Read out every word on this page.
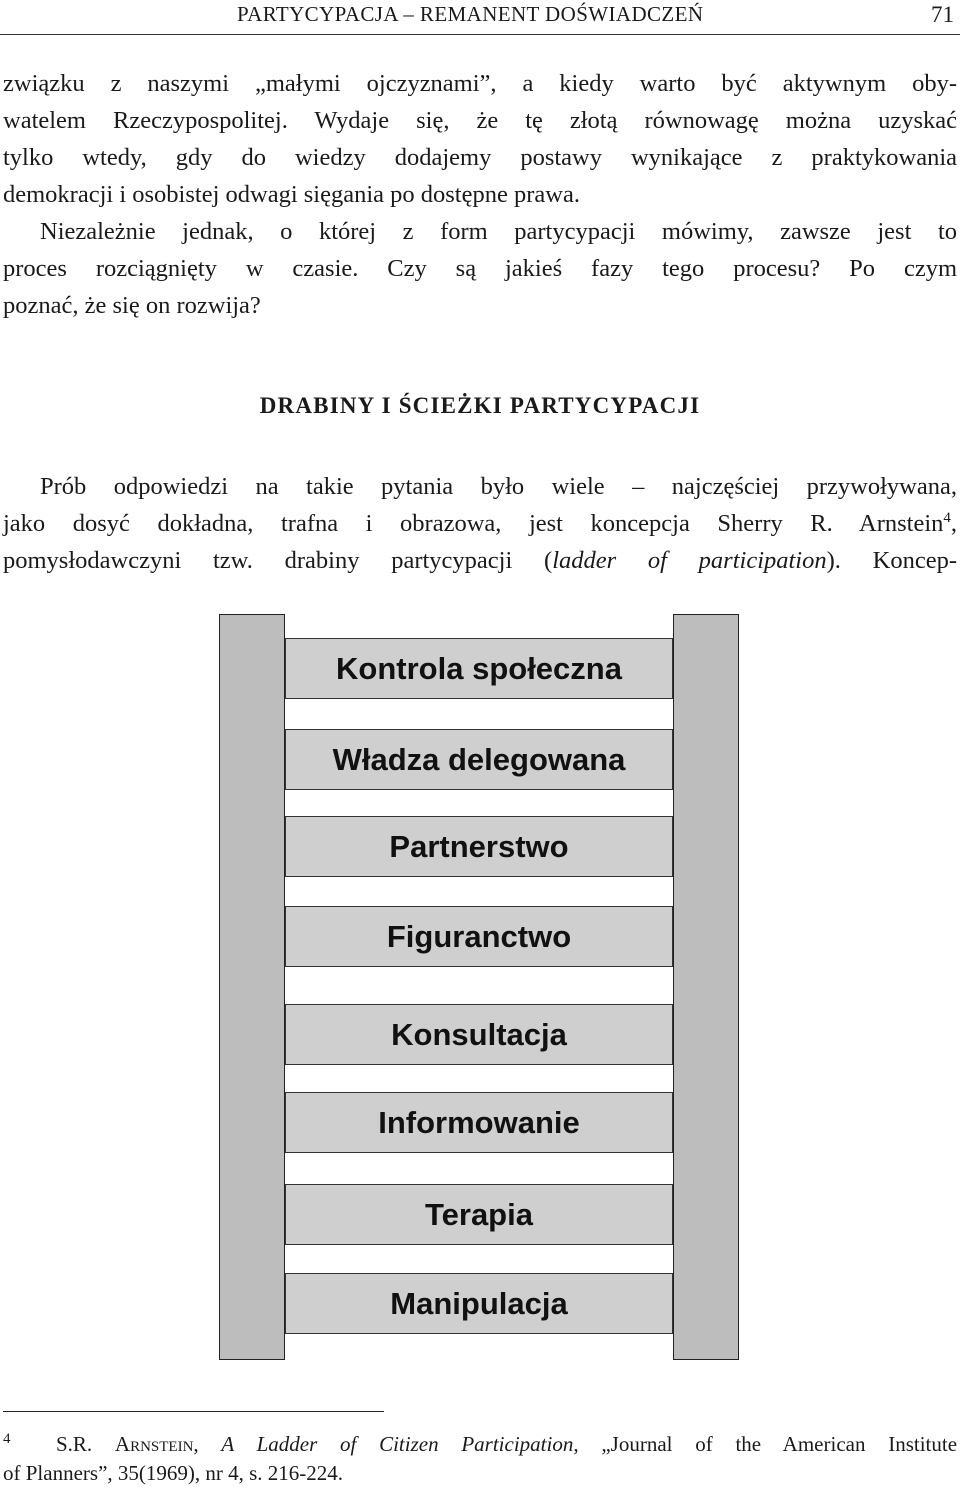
PARTYCYPACJA – REMANENT DOŚWIADCZEŃ	71
związku z naszymi „małymi ojczyznami”, a kiedy warto być aktywnym oby-
watelem Rzeczypospolitej. Wydaje się, że tę złotą równowagę można uzyskać
tylko wtedy, gdy do wiedzy dodajemy postawy wynikające z praktykowania
demokracji i osobistej odwagi sięgania po dostępne prawa.
Niezależnie jednak, o której z form partycypacji mówimy, zawsze jest to
proces rozciągnięty w czasie. Czy są jakieś fazy tego procesu? Po czym
poznać, że się on rozwija?
DRABINY I ŚCIEŻKI PARTYCYPACJI
Prób odpowiedzi na takie pytania było wiele – najczęściej przywoływana,
jako dosyć dokładna, trafna i obrazowa, jest koncepcja Sherry R. Arnstein$^4$,
pomysłodawczyni tzw. drabiny partycypacji (ladder of participation). Koncep-
Kontrola społeczna
Władza delegowana
Partnerstwo
Figuranctwo
Konsultacja
Informowanie
Terapia
Manipulacja
$^4$ S.R. Arnstein, A Ladder of Citizen Participation, „Journal of the American Institute
of Planners”, 35(1969), nr 4, s. 216-224.
